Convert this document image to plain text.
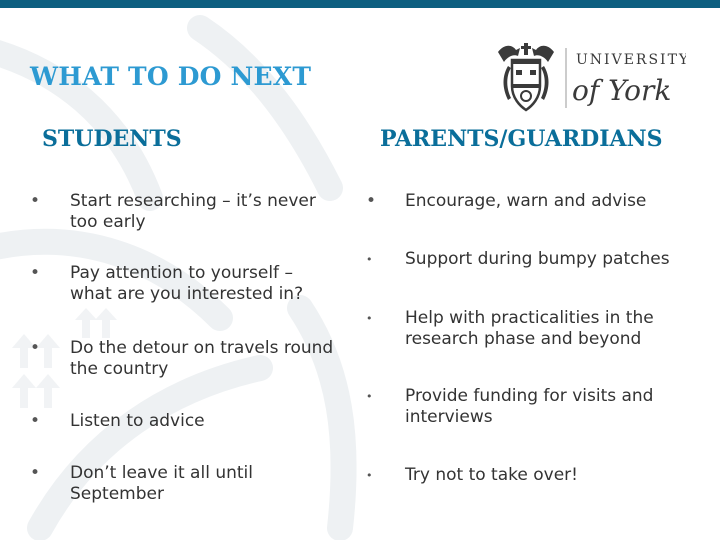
WHAT TO DO NEXT
UNIVERSITY
of York
STUDENTS	PARENTS/GUARDIANS
• Start researching – it’s never
too early
• Pay attention to yourself –
what are you interested in?
• Do the detour on travels round
the country
• Listen to advice
• Don’t leave it all until
September
• Encourage, warn and advise
• Support during bumpy patches
• Help with practicalities in the
research phase and beyond
• Provide funding for visits and
interviews
• Try not to take over!
